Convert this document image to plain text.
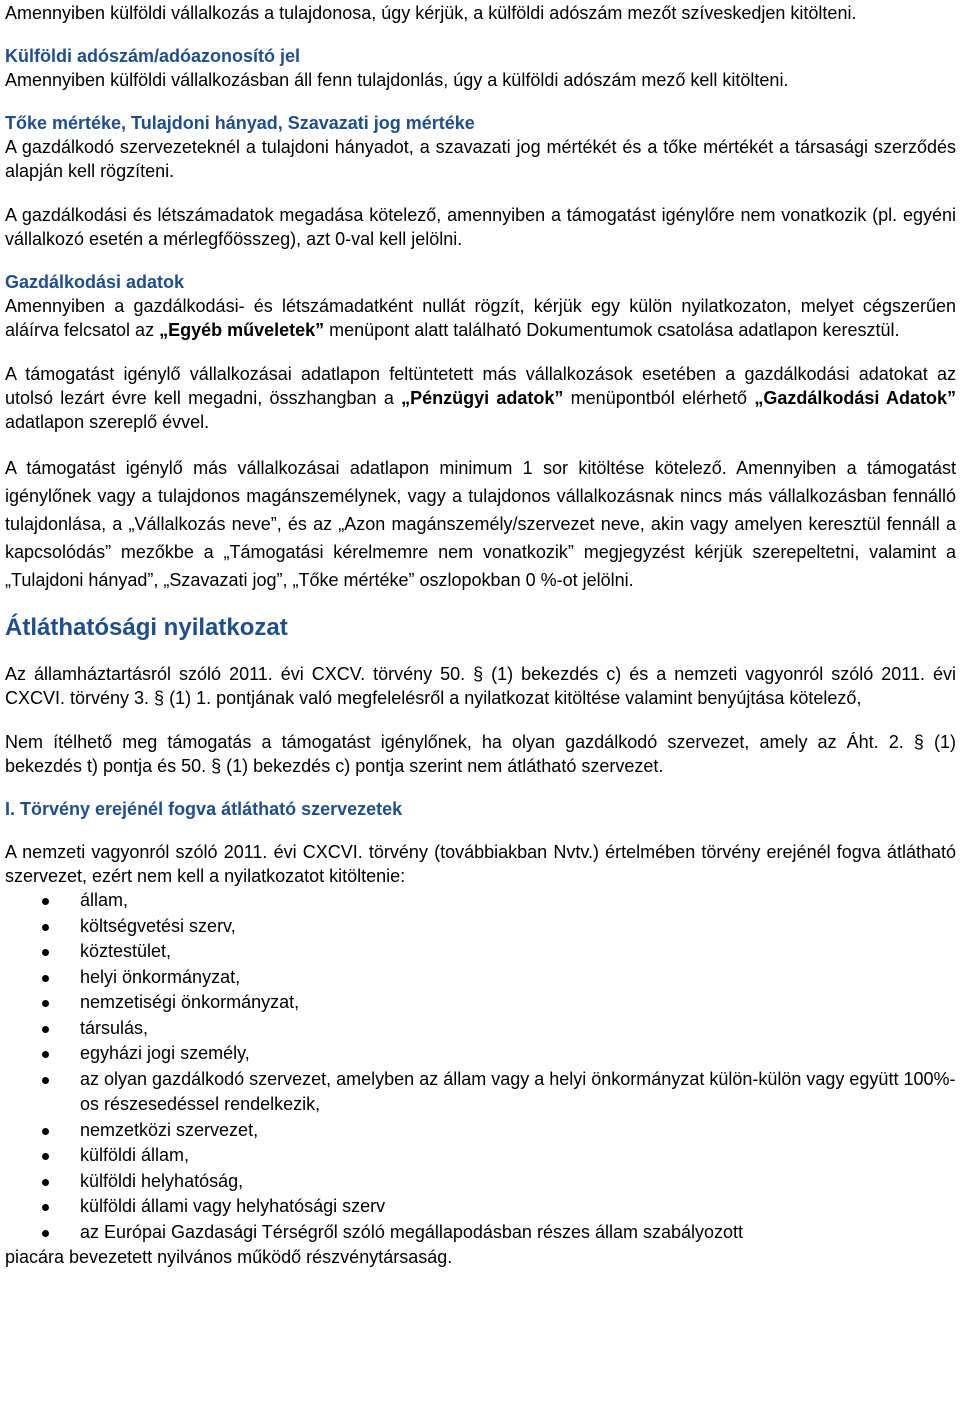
Amennyiben külföldi vállalkozás a tulajdonosa, úgy kérjük, a külföldi adószám mezőt szíveskedjen kitölteni.

Külföldi adószám/adóazonosító jel

Amennyiben külföldi vállalkozásban áll fenn tulajdonlás, úgy a külföldi adószám mező kell kitölteni.

Tőke mértéke, Tulajdoni hányad, Szavazati jog mértéke

A gazdálkodó szervezeteknél a tulajdoni hányadot, a szavazati jog mértékét és a tőke mértékét a társasági szerződés alapján kell rögzíteni.

A gazdálkodási és létszámadatok megadása kötelező, amennyiben a támogatást igénylőre nem vonatkozik (pl. egyéni vállalkozó esetén a mérlegfőösszeg), azt 0-val kell jelölni.

Gazdálkodási adatok

Amennyiben a gazdálkodási- és létszámadatként nullát rögzít, kérjük egy külön nyilatkozaton, melyet cégszerűen aláírva felcsatol az „Egyéb műveletek” menüpont alatt található Dokumentumok csatolása adatlapon keresztül.

A támogatást igénylő vállalkozásai adatlapon feltüntetett más vállalkozások esetében a gazdálkodási adatokat az utolsó lezárt évre kell megadni, összhangban a „Pénzügyi adatok” menüpontból elérhető „Gazdálkodási Adatok” adatlapon szereplő évvel.

A támogatást igénylő más vállalkozásai adatlapon minimum 1 sor kitöltése kötelező. Amennyiben a támogatást igénylőnek vagy a tulajdonos magánszemélynek, vagy a tulajdonos vállalkozásnak nincs más vállalkozásban fennálló tulajdonlása, a „Vállalkozás neve”, és az „Azon magánszemély/szervezet neve, akin vagy amelyen keresztül fennáll a kapcsolódás” mezőkbe a „Támogatási kérelmemre nem vonatkozik” megjegyzést kérjük szerepeltetni, valamint a „Tulajdoni hányad”, „Szavazati jog”, „Tőke mértéke” oszlopokban 0 %-ot jelölni.

Átláthatósági nyilatkozat

Az államháztartásról szóló 2011. évi CXCV. törvény 50. § (1) bekezdés c) és a nemzeti vagyonról szóló 2011. évi CXCVI. törvény 3. § (1) 1. pontjának való megfelelésről a nyilatkozat kitöltése valamint benyújtása kötelező,

Nem ítélhető meg támogatás a támogatást igénylőnek, ha olyan gazdálkodó szervezet, amely az Áht. 2. § (1) bekezdés t) pontja és 50. § (1) bekezdés c) pontja szerint nem átlátható szervezet.

I. Törvény erejénél fogva átlátható szervezetek

A nemzeti vagyonról szóló 2011. évi CXCVI. törvény (továbbiakban Nvtv.) értelmében törvény erejénél fogva átlátható szervezet, ezért nem kell a nyilatkozatot kitöltenie:

állam,
költségvetési szerv,
köztestület,
helyi önkormányzat,
nemzetiségi önkormányzat,
társulás,
egyházi jogi személy,
az olyan gazdálkodó szervezet, amelyben az állam vagy a helyi önkormányzat külön-külön vagy együtt 100%-os részesedéssel rendelkezik,
nemzetközi szervezet,
külföldi állam,
külföldi helyhatóság,
külföldi állami vagy helyhatósági szerv
az Európai Gazdasági Térségről szóló megállapodásban részes állam szabályozott

piacára bevezetett nyilvános működő részvénytársaság.
